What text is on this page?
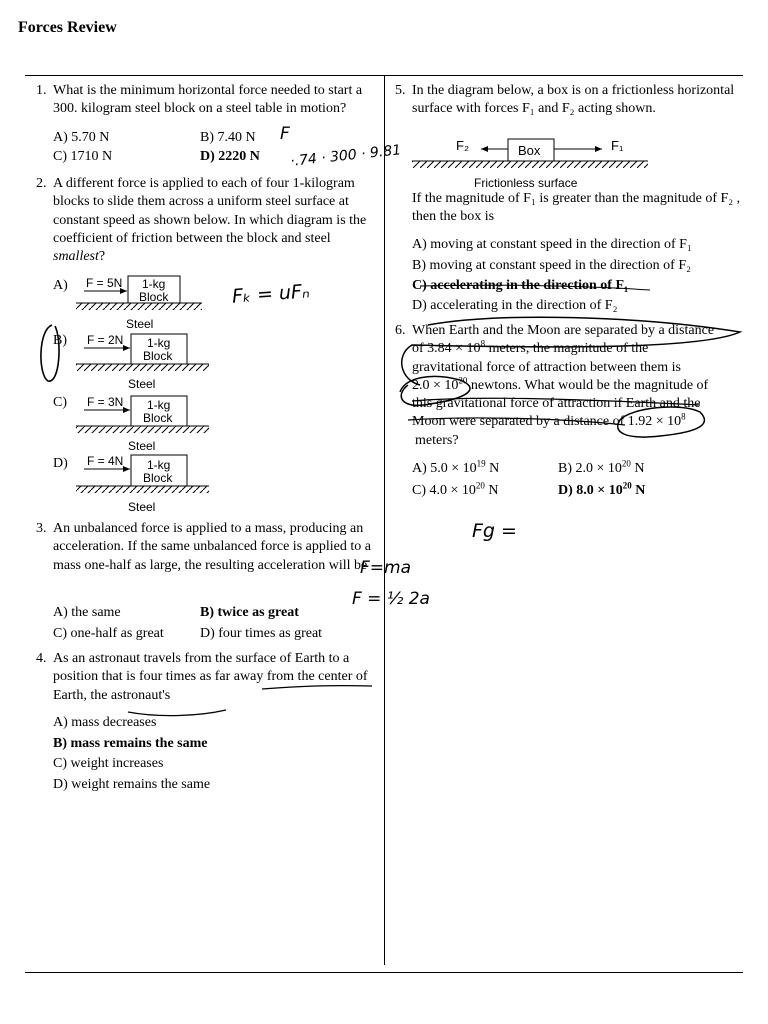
Forces Review
1. What is the minimum horizontal force needed to start a 300. kilogram steel block on a steel table in motion?
A) 5.70 N	B) 7.40 N
C) 1710 N	D) 2220 N
F
·.74 · 300 · 9.81
2. A different force is applied to each of four 1-kilogram blocks to slide them across a uniform steel surface at constant speed as shown below. In which diagram is the coefficient of friction between the block and steel smallest?
A)
B)
C)
D)
F = 5N 1-kg
Block
Steel
F = 2N 1-kg
Block
Steel
F = 3N 1-kg
Block
Steel
F = 4N 1-kg
Block
Steel
F₂	Box	F₁
Frictionless surface
Fₖ = uFₙ
3. An unbalanced force is applied to a mass, producing an acceleration. If the same unbalanced force is applied to a mass one-half as large, the resulting acceleration will be
A) the same	B) twice as great
C) one-half as great	D) four times as great
F=ma
F = ½ 2a
4. As an astronaut travels from the surface of Earth to a position that is four times as far away from the center of Earth, the astronaut's
A) mass decreases
B) mass remains the same
C) weight increases
D) weight remains the same
5. In the diagram below, a box is on a frictionless horizontal surface with forces F₁ and F₂ acting shown.
If the magnitude of F₁ is greater than the magnitude of F₂ , then the box is
A) moving at constant speed in the direction of F₁
B) moving at constant speed in the direction of F₂
C) accelerating in the direction of F₁
D) accelerating in the direction of F₂
6. When Earth and the Moon are separated by a distance
of $3.84 \times 10^8$ meters, the magnitude of the
gravitational force of attraction between them is
$2.0 \times 10^{20}$ newtons. What would be the magnitude of
this gravitational force of attraction if Earth and the
Moon were separated by a distance of $1.92 \times 10^8$
meters?
A) $5.0 \times 10^{19}$ N	B) $2.0 \times 10^{20}$ N
C) $4.0 \times 10^{20}$ N	D) $8.0 \times 10^{20}$ N
Fg =
